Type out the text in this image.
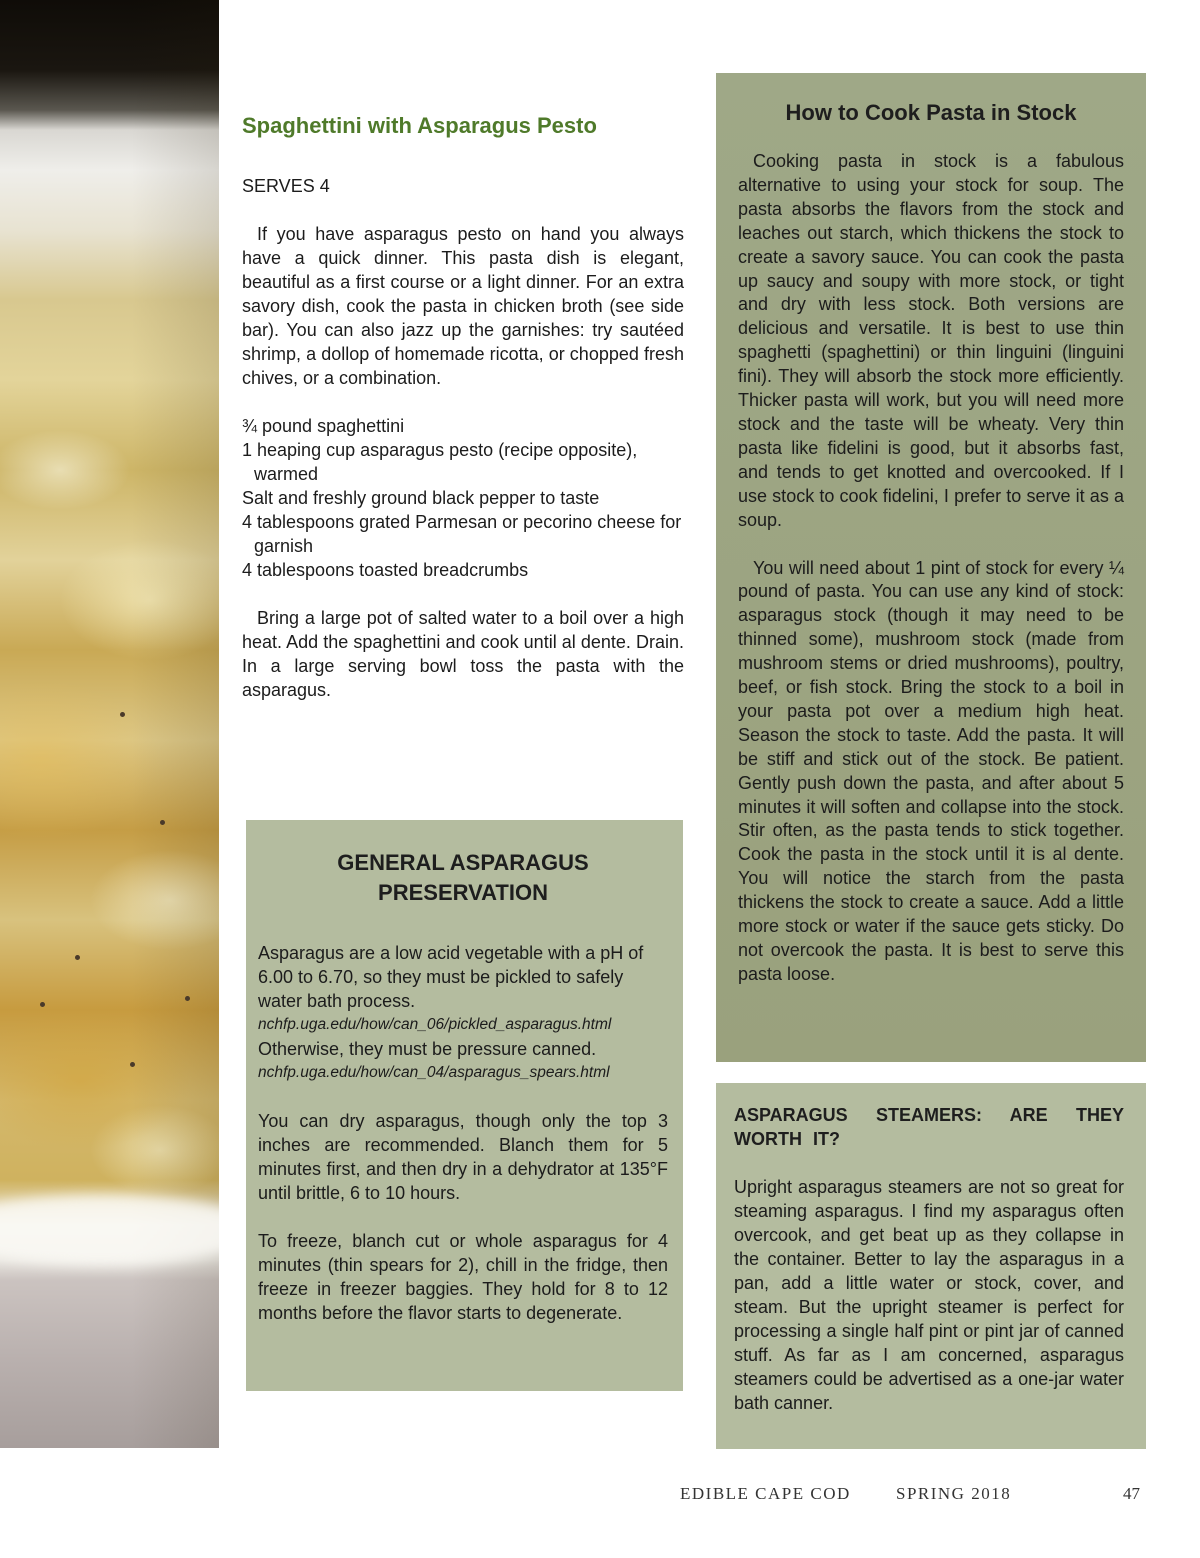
Spaghettini with Asparagus Pesto

SERVES 4

If you have asparagus pesto on hand you always have a quick dinner. This pasta dish is elegant, beautiful as a first course or a light dinner. For an extra savory dish, cook the pasta in chicken broth (see side bar). You can also jazz up the garnishes: try sautéed shrimp, a dollop of homemade ricotta, or chopped fresh chives, or a combination.

¾ pound spaghettini
1 heaping cup asparagus pesto (recipe opposite), warmed
Salt and freshly ground black pepper to taste
4 tablespoons grated Parmesan or pecorino cheese for garnish
4 tablespoons toasted breadcrumbs

Bring a large pot of salted water to a boil over a high heat. Add the spaghettini and cook until al dente. Drain. In a large serving bowl toss the pasta with the asparagus.

How to Cook Pasta in Stock

Cooking pasta in stock is a fabulous alternative to using your stock for soup. The pasta absorbs the flavors from the stock and leaches out starch, which thickens the stock to create a savory sauce. You can cook the pasta up saucy and soupy with more stock, or tight and dry with less stock. Both versions are delicious and versatile. It is best to use thin spaghetti (spaghettini) or thin linguini (linguini fini). They will absorb the stock more efficiently. Thicker pasta will work, but you will need more stock and the taste will be wheaty. Very thin pasta like fidelini is good, but it absorbs fast, and tends to get knotted and overcooked. If I use stock to cook fidelini, I prefer to serve it as a soup.

You will need about 1 pint of stock for every ¼ pound of pasta. You can use any kind of stock: asparagus stock (though it may need to be thinned some), mushroom stock (made from mushroom stems or dried mushrooms), poultry, beef, or fish stock. Bring the stock to a boil in your pasta pot over a medium high heat. Season the stock to taste. Add the pasta. It will be stiff and stick out of the stock. Be patient. Gently push down the pasta, and after about 5 minutes it will soften and collapse into the stock. Stir often, as the pasta tends to stick together. Cook the pasta in the stock until it is al dente. You will notice the starch from the pasta thickens the stock to create a sauce. Add a little more stock or water if the sauce gets sticky. Do not overcook the pasta. It is best to serve this pasta loose.

GENERAL ASPARAGUS
PRESERVATION

Asparagus are a low acid vegetable with a pH of 6.00 to 6.70, so they must be pickled to safely water bath process.

nchfp.uga.edu/how/can_06/pickled_asparagus.html

Otherwise, they must be pressure canned.

nchfp.uga.edu/how/can_04/asparagus_spears.html

You can dry asparagus, though only the top 3 inches are recommended. Blanch them for 5 minutes first, and then dry in a dehydrator at 135°F until brittle, 6 to 10 hours.

To freeze, blanch cut or whole asparagus for 4 minutes (thin spears for 2), chill in the fridge, then freeze in freezer baggies. They hold for 8 to 12 months before the flavor starts to degenerate.

ASPARAGUS STEAMERS: ARE THEY WORTH IT?

Upright asparagus steamers are not so great for steaming asparagus. I find my asparagus often overcook, and get beat up as they collapse in the container. Better to lay the asparagus in a pan, add a little water or stock, cover, and steam. But the upright steamer is perfect for processing a single half pint or pint jar of canned stuff. As far as I am concerned, asparagus steamers could be advertised as a one-jar water bath canner.

EDIBLE CAPE COD	SPRING 2018	47
